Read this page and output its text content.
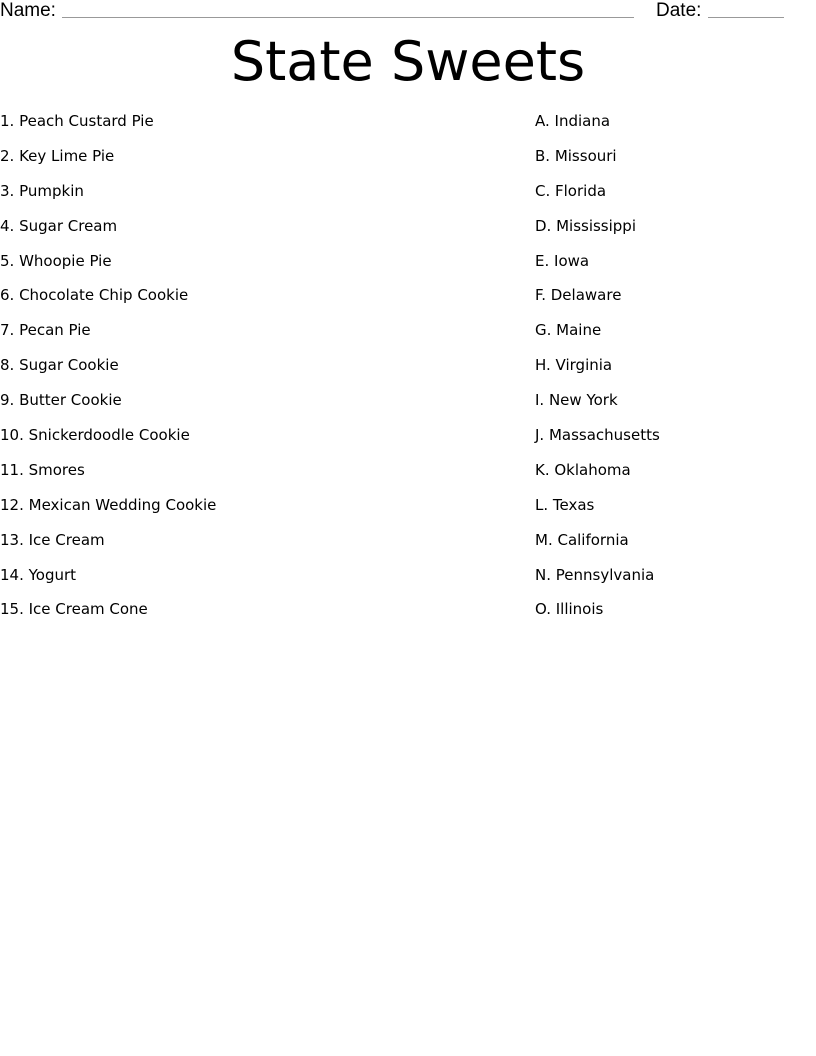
Name:	Date:
State Sweets
1. Peach Custard Pie
2. Key Lime Pie
3. Pumpkin
4. Sugar Cream
5. Whoopie Pie
6. Chocolate Chip Cookie
7. Pecan Pie
8. Sugar Cookie
9. Butter Cookie
10. Snickerdoodle Cookie
11. Smores
12. Mexican Wedding Cookie
13. Ice Cream
14. Yogurt
15. Ice Cream Cone
A. Indiana
B. Missouri
C. Florida
D. Mississippi
E. Iowa
F. Delaware
G. Maine
H. Virginia
I. New York
J. Massachusetts
K. Oklahoma
L. Texas
M. California
N. Pennsylvania
O. Illinois
